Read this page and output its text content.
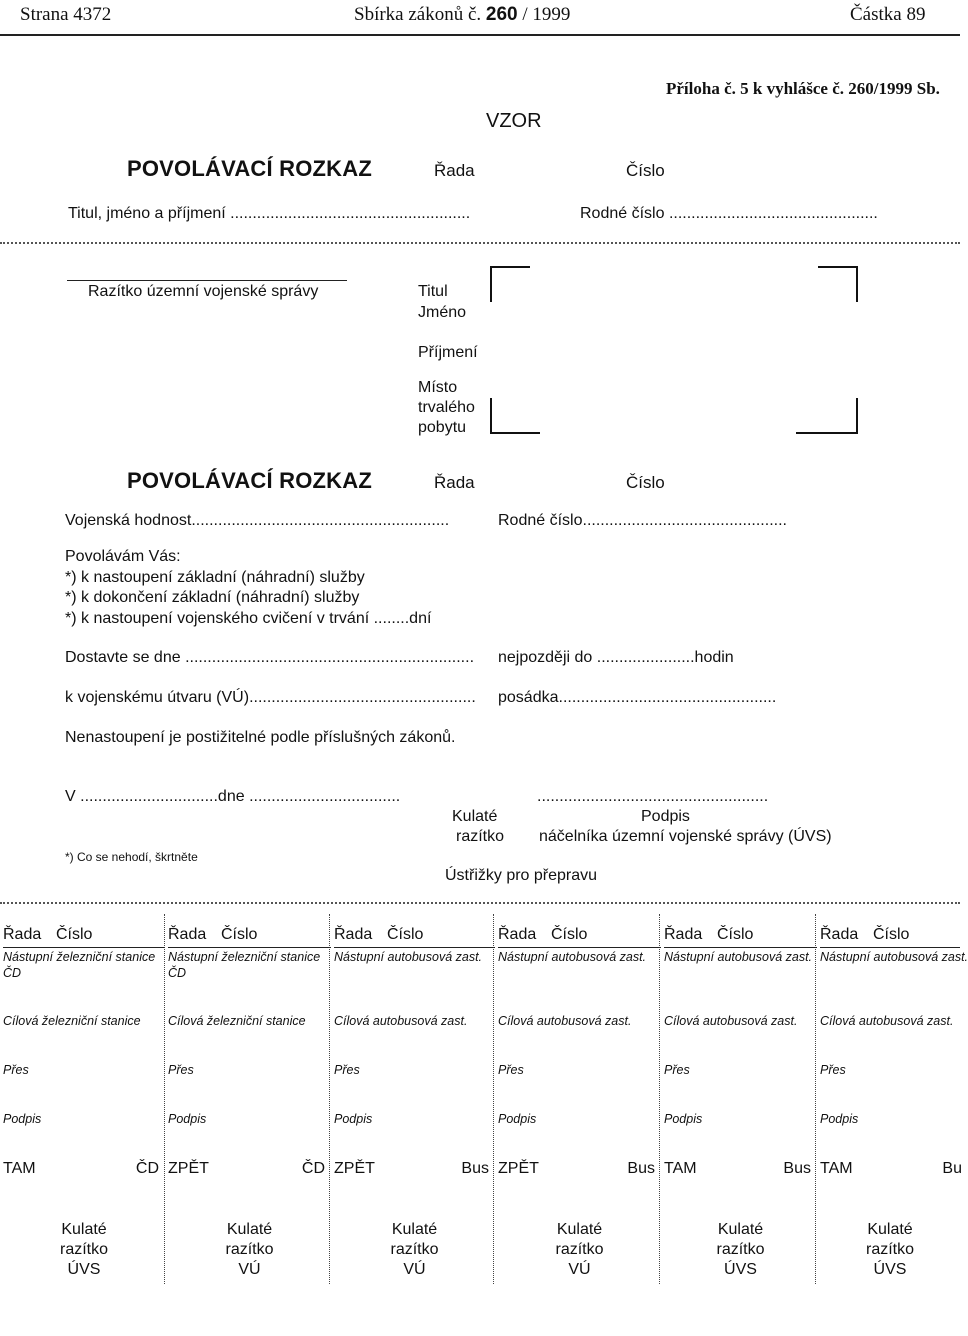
Strana 4372	Sbírka zákonů č. 260 / 1999	Částka 89
Příloha č. 5 k vyhlášce č. 260/1999 Sb.
VZOR
POVOLÁVACÍ ROZKAZ	Řada	Číslo
Titul, jméno a příjmení ......................................................	Rodné číslo ...............................................
Razítko územní vojenské správy	Titul
Jméno
Příjmení
Místo
trvalého
pobytu
POVOLÁVACÍ ROZKAZ	Řada	Číslo
Vojenská hodnost..........................................................	Rodné číslo..............................................
Povolávám Vás:
*) k nastoupení základní (náhradní) služby
*) k dokončení základní (náhradní) služby
*) k nastoupení vojenského cvičení v trvání ........dní
Dostavte se dne ................................................................. nejpozději do ......................hodin
k vojenskému útvaru (VÚ)................................................... posádka.................................................
Nenastoupení je postižitelné podle příslušných zákonů.
V ...............................dne ..................................	....................................................
Kulaté
razítko
Podpis
náčelníka územní vojenské správy (ÚVS)
*) Co se nehodí, škrtněte
Ústřižky pro přepravu
Řada Číslo
Nástupní železniční stanice
ČD
Cílová železniční stanice
Přes
Podpis
TAM	ČD
Kulaté
razítko
ÚVS
Řada Číslo
Nástupní železniční stanice
ČD
Cílová železniční stanice
Přes
Podpis
ZPĚT	ČD
Kulaté
razítko
VÚ
Řada Číslo
Nástupní autobusová zast.
Cílová autobusová zast.
Přes
Podpis
ZPĚT	Bus
Kulaté
razítko
VÚ
Řada Číslo
Nástupní autobusová zast.
Cílová autobusová zast.
Přes
Podpis
ZPĚT	Bus
Kulaté
razítko
VÚ
Řada Číslo
Nástupní autobusová zast.
Cílová autobusová zast.
Přes
Podpis
TAM	Bus
Kulaté
razítko
ÚVS
Řada Číslo
Nástupní autobusová zast.
Cílová autobusová zast.
Přes
Podpis
TAM	Bu
Kulaté
razítko
ÚVS
